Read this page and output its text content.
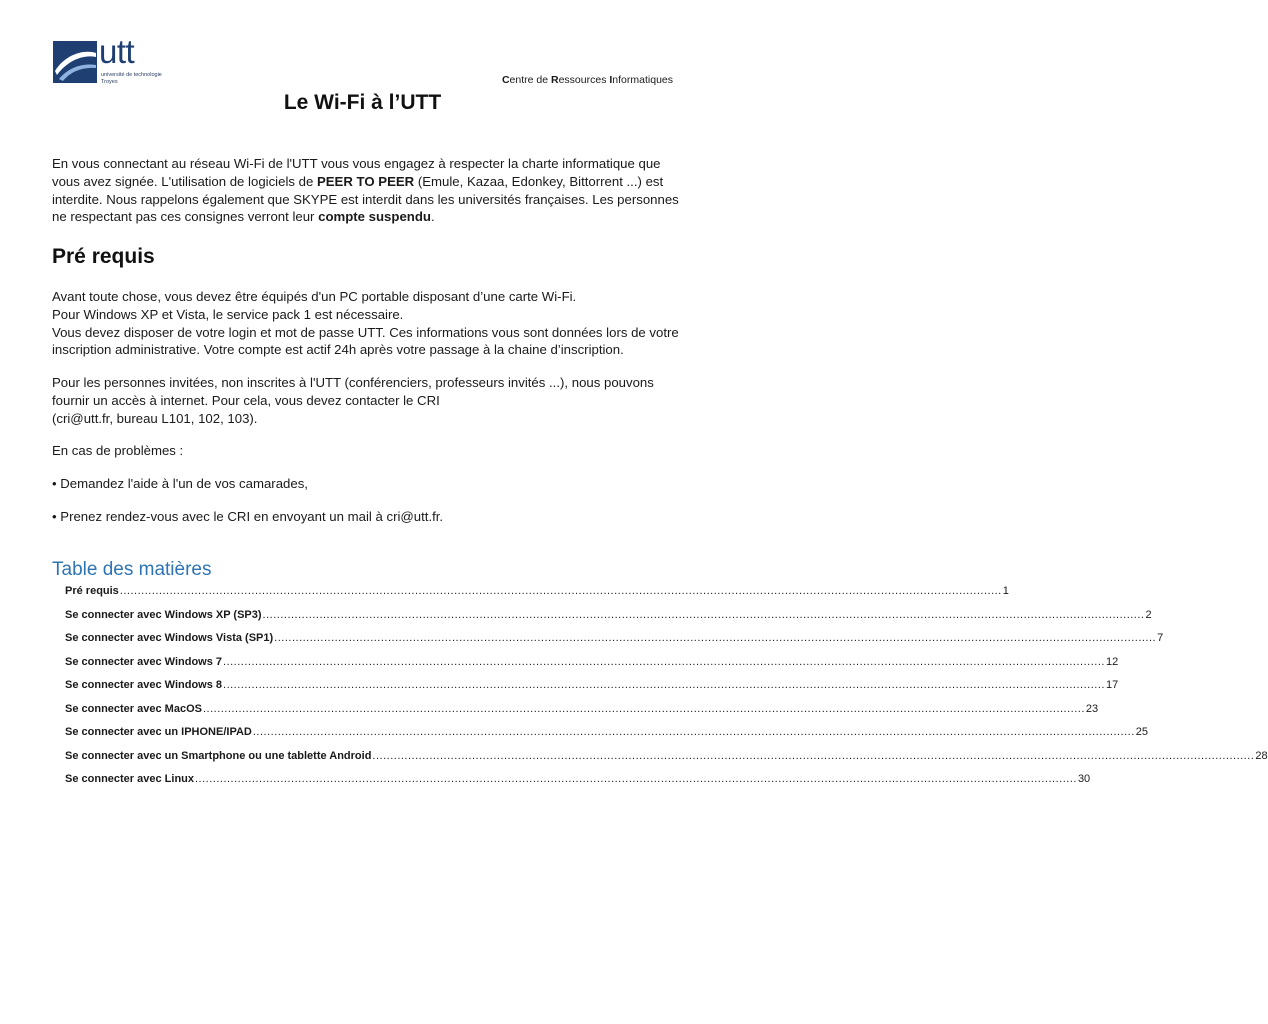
utt
université de technologie
Troyes	Centre de Ressources Informatiques
Le Wi-Fi à l’UTT
En vous connectant au réseau Wi-Fi de l'UTT vous vous engagez à respecter la charte informatique que vous avez signée. L'utilisation de logiciels de PEER TO PEER (Emule, Kazaa, Edonkey, Bittorrent ...) est interdite. Nous rappelons également que SKYPE est interdit dans les universités françaises. Les personnes ne respectant pas ces consignes verront leur compte suspendu.
Pré requis
Avant toute chose, vous devez être équipés d'un PC portable disposant d’une carte Wi-Fi.
Pour Windows XP et Vista, le service pack 1 est nécessaire.
Vous devez disposer de votre login et mot de passe UTT. Ces informations vous sont données lors de votre inscription administrative. Votre compte est actif 24h après votre passage à la chaine d’inscription.
Pour les personnes invitées, non inscrites à l'UTT (conférenciers, professeurs invités ...), nous pouvons fournir un accès à internet. Pour cela, vous devez contacter le CRI
(cri@utt.fr, bureau L101, 102, 103).
En cas de problèmes :
• Demandez l'aide à l'un de vos camarades,
• Prenez rendez-vous avec le CRI en envoyant un mail à cri@utt.fr.
Table des matières
Pré requis ........................................................................................................................................................................................................................................................ 1
Se connecter avec Windows XP (SP3) ........................................................................................................................................................................................................................................................ 2
Se connecter avec Windows Vista (SP1) ........................................................................................................................................................................................................................................................ 7
Se connecter avec Windows 7 ........................................................................................................................................................................................................................................................ 12
Se connecter avec Windows 8 ........................................................................................................................................................................................................................................................ 17
Se connecter avec MacOS ........................................................................................................................................................................................................................................................ 23
Se connecter avec un IPHONE/IPAD ........................................................................................................................................................................................................................................................ 25
Se connecter avec un Smartphone ou une tablette Android ........................................................................................................................................................................................................................................................ 28
Se connecter avec Linux ........................................................................................................................................................................................................................................................ 30
